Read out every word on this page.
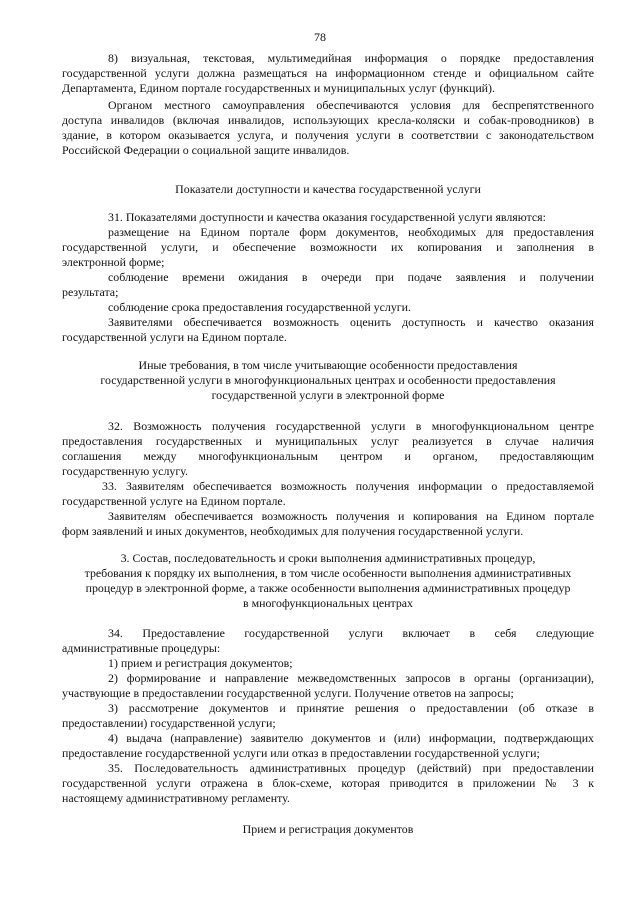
78
8) визуальная, текстовая, мультимедийная информация о порядке предоставления
государственной услуги должна размещаться на информационном стенде и официальном сайте
Департамента, Едином портале государственных и муниципальных услуг (функций).
Органом местного самоуправления обеспечиваются условия для беспрепятственного
доступа инвалидов (включая инвалидов, использующих кресла-коляски и собак-проводников) в
здание, в котором оказывается услуга, и получения услуги в соответствии с законодательством
Российской Федерации о социальной защите инвалидов.
Показатели доступности и качества государственной услуги
31. Показателями доступности и качества оказания государственной услуги являются:
размещение на Едином портале форм документов, необходимых для предоставления
государственной услуги, и обеспечение возможности их копирования и заполнения в
электронной форме;
соблюдение времени ожидания в очереди при подаче заявления и получении
результата;
соблюдение срока предоставления государственной услуги.
Заявителями обеспечивается возможность оценить доступность и качество оказания
государственной услуги на Едином портале.
Иные требования, в том числе учитывающие особенности предоставления
государственной услуги в многофункциональных центрах и особенности предоставления
государственной услуги в электронной форме
32. Возможность получения государственной услуги в многофункциональном центре
предоставления государственных и муниципальных услуг реализуется в случае наличия
соглашения между многофункциональным центром и органом, предоставляющим
государственную услугу.
33. Заявителям обеспечивается возможность получения информации о предоставляемой
государственной услуге на Едином портале.
Заявителям обеспечивается возможность получения и копирования на Едином портале
форм заявлений и иных документов, необходимых для получения государственной услуги.
3. Состав, последовательность и сроки выполнения административных процедур,
требования к порядку их выполнения, в том числе особенности выполнения административных
процедур в электронной форме, а также особенности выполнения административных процедур
в многофункциональных центрах
34. Предоставление государственной услуги включает в себя следующие
административные процедуры:
1) прием и регистрация документов;
2) формирование и направление межведомственных запросов в органы (организации),
участвующие в предоставлении государственной услуги. Получение ответов на запросы;
3) рассмотрение документов и принятие решения о предоставлении (об отказе в
предоставлении) государственной услуги;
4) выдача (направление) заявителю документов и (или) информации, подтверждающих
предоставление государственной услуги или отказ в предоставлении государственной услуги;
35. Последовательность административных процедур (действий) при предоставлении
государственной услуги отражена в блок-схеме, которая приводится в приложении № 3 к
настоящему административному регламенту.
Прием и регистрация документов
